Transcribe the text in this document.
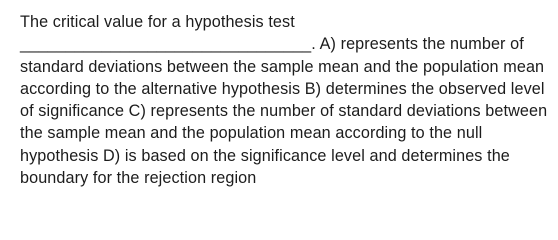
The critical value for a hypothesis test ________________________________. A) represents the number of standard deviations between the sample mean and the population mean according to the alternative hypothesis B) determines the observed level of significance C) represents the number of standard deviations between the sample mean and the population mean according to the null hypothesis D) is based on the significance level and determines the boundary for the rejection region
